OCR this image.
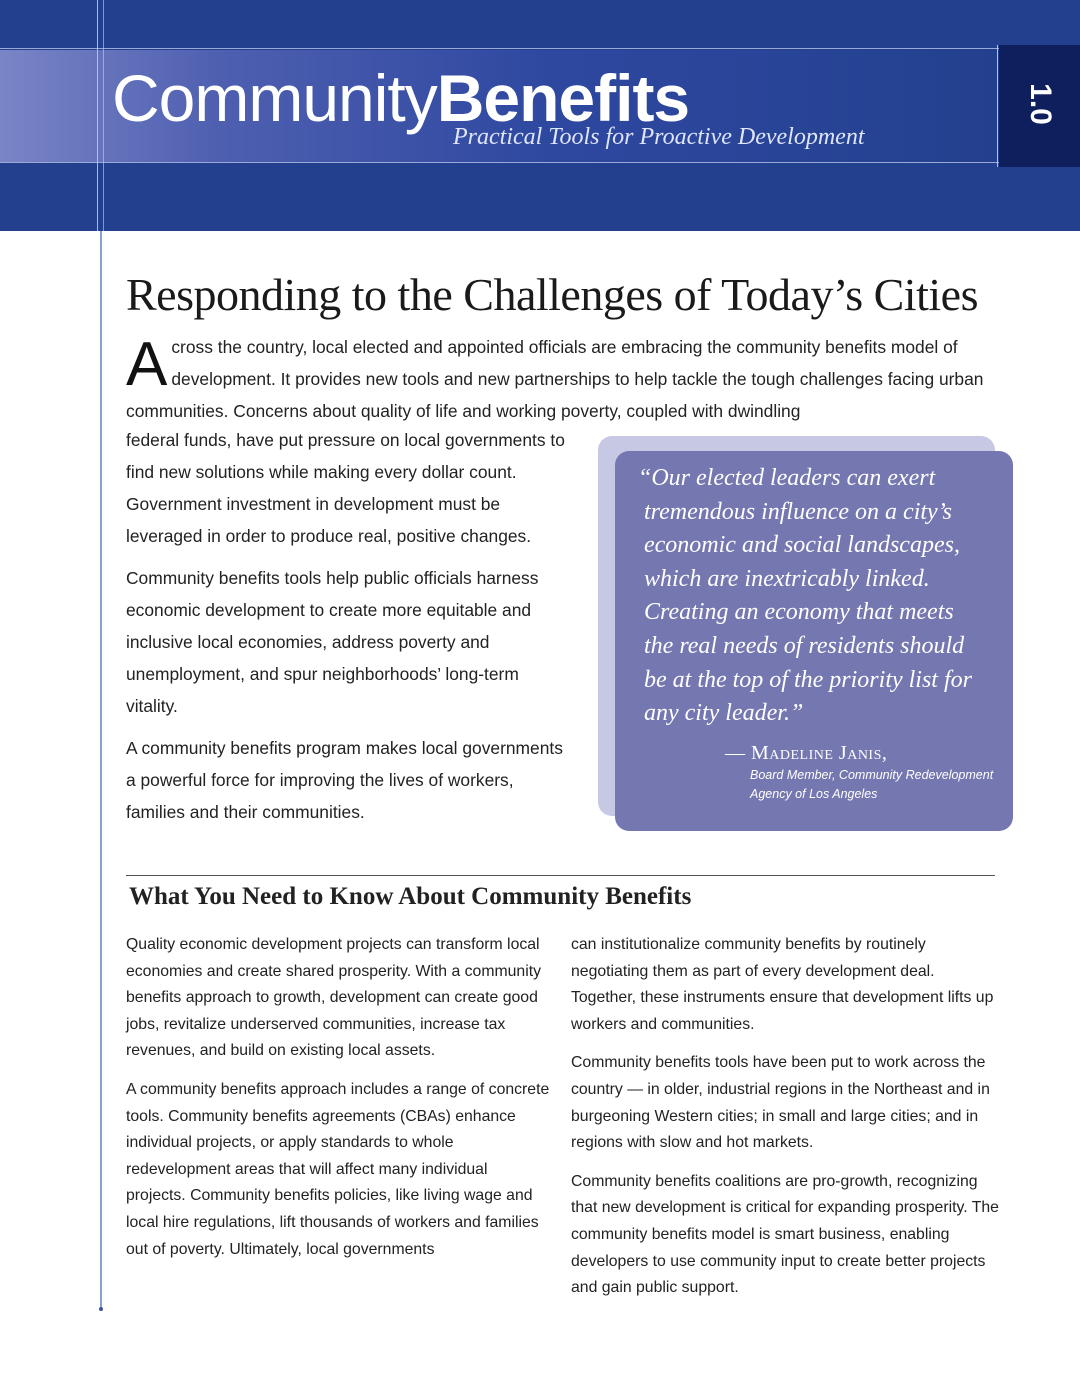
CommunityBenefits

Practical Tools for Proactive Development

1.0
Responding to the Challenges of Today’s Cities

Across the country, local elected and appointed officials are embracing the community benefits model of development. It provides new tools and new partnerships to help tackle the tough challenges facing urban communities. Concerns about quality of life and working poverty, coupled with dwindling

federal funds, have put pressure on local governments to find new solutions while making every dollar count. Government investment in development must be leveraged in order to produce real, positive changes.

Community benefits tools help public officials harness economic development to create more equitable and inclusive local economies, address poverty and unemployment, and spur neighborhoods’ long-term vitality.

A community benefits program makes local governments a powerful force for improving the lives of workers, families and their communities.

“Our elected leaders can exert tremendous influence on a city’s economic and social landscapes, which are inextricably linked. Creating an economy that meets the real needs of residents should be at the top of the priority list for any city leader.”

— Madeline Janis,

Board Member, Community Redevelopment Agency of Los Angeles

What You Need to Know About Community Benefits

Quality economic development projects can transform local economies and create shared prosperity. With a community benefits approach to growth, development can create good jobs, revitalize underserved communities, increase tax revenues, and build on existing local assets.

A community benefits approach includes a range of concrete tools. Community benefits agreements (CBAs) enhance individual projects, or apply standards to whole redevelopment areas that will affect many individual projects. Community benefits policies, like living wage and local hire regulations, lift thousands of workers and families out of poverty. Ultimately, local governments

can institutionalize community benefits by routinely negotiating them as part of every development deal. Together, these instruments ensure that development lifts up workers and communities.

Community benefits tools have been put to work across the country — in older, industrial regions in the Northeast and in burgeoning Western cities; in small and large cities; and in regions with slow and hot markets.

Community benefits coalitions are pro-growth, recognizing that new development is critical for expanding prosperity. The community benefits model is smart business, enabling developers to use community input to create better projects and gain public support.
